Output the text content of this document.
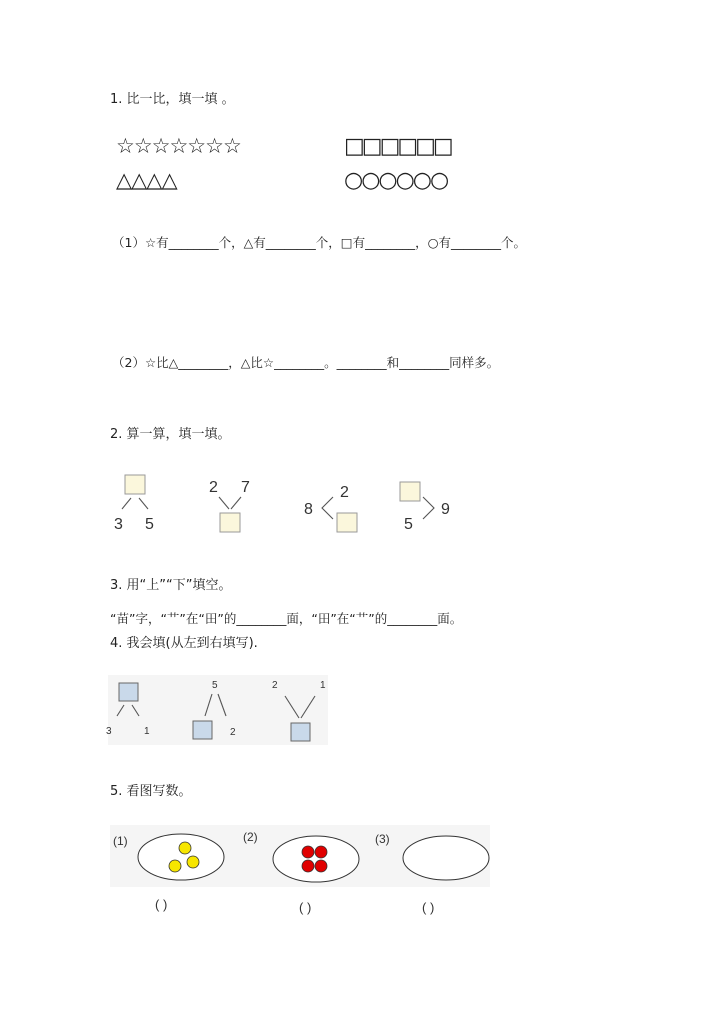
1. 比一比，填一填 。
☆☆☆☆☆☆☆
△△△△
□□□□□□
○○○○○○
（1）☆有________个，△有________个，□有________，○有________个。
（2）☆比△________，△比☆________。________和________同样多。
2. 算一算，填一填。
3 5
2 7
8
2
5
9
3. 用“上”“下”填空。
“苗”字，“艹”在“田”的________面，“田”在“艹”的________面。
4. 我会填(从左到右填写).
3	1
5
2
2	1
5. 看图写数。
(1)	(2)	(3)
( )	( )	( )
